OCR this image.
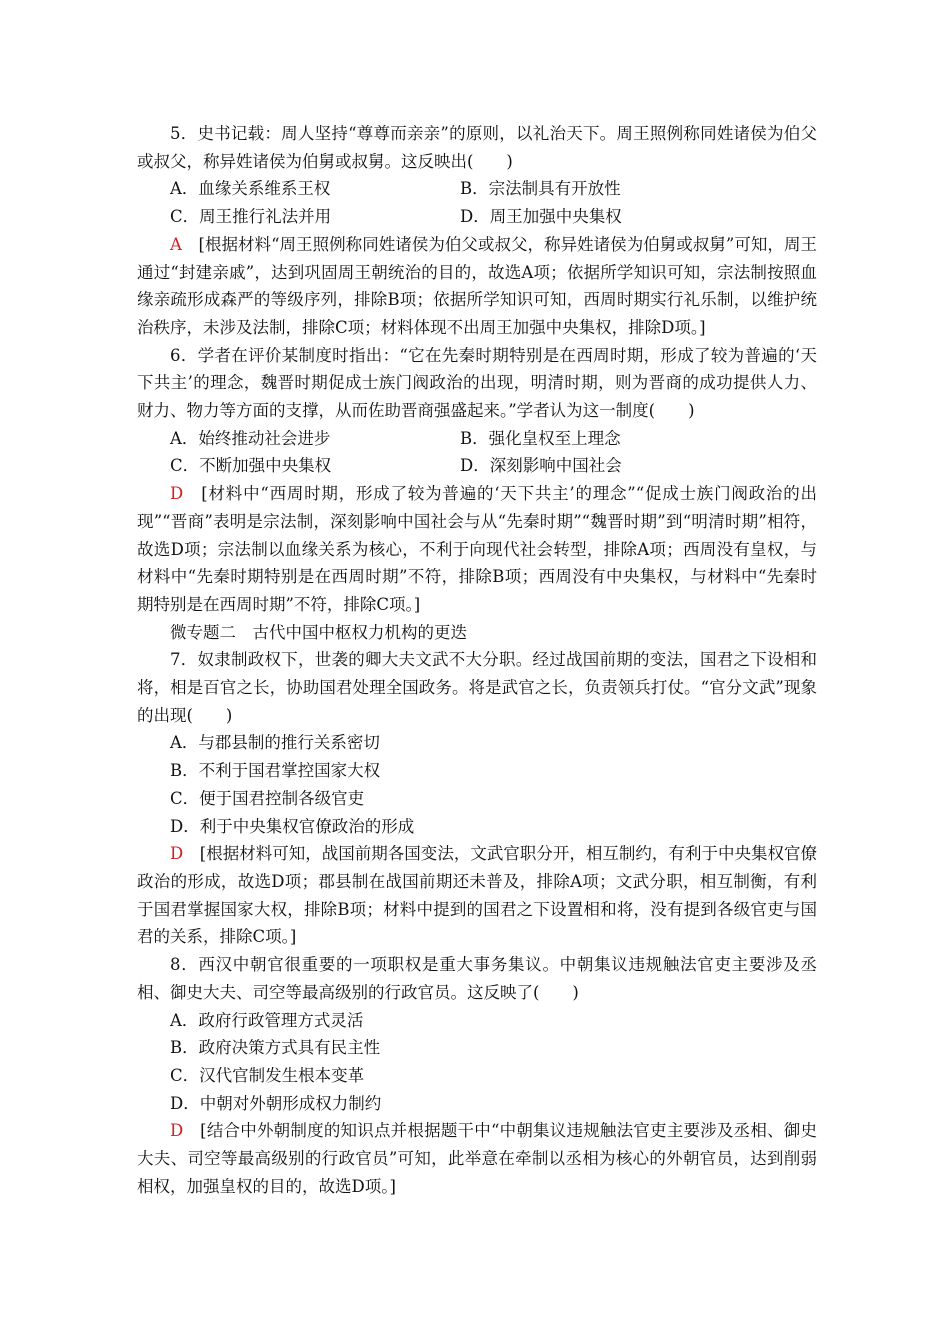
5．史书记载：周人坚持“尊尊而亲亲”的原则，以礼治天下。周王照例称同姓诸侯为伯父或叔父，称异姓诸侯为伯舅或叔舅。这反映出(　　)

A．血缘关系维系王权	B．宗法制具有开放性
C．周王推行礼法并用	D．周王加强中央集权

A　[根据材料“周王照例称同姓诸侯为伯父或叔父，称异姓诸侯为伯舅或叔舅”可知，周王通过“封建亲戚”，达到巩固周王朝统治的目的，故选A项；依据所学知识可知，宗法制按照血缘亲疏形成森严的等级序列，排除B项；依据所学知识可知，西周时期实行礼乐制，以维护统治秩序，未涉及法制，排除C项；材料体现不出周王加强中央集权，排除D项。]

6．学者在评价某制度时指出：“它在先秦时期特别是在西周时期，形成了较为普遍的‘天下共主’的理念，魏晋时期促成士族门阀政治的出现，明清时期，则为晋商的成功提供人力、财力、物力等方面的支撑，从而佐助晋商强盛起来。”学者认为这一制度(　　)

A．始终推动社会进步	B．强化皇权至上理念
C．不断加强中央集权	D．深刻影响中国社会

D　[材料中“西周时期，形成了较为普遍的‘天下共主’的理念”“促成士族门阀政治的出现”“晋商”表明是宗法制，深刻影响中国社会与从“先秦时期”“魏晋时期”到“明清时期”相符，故选D项；宗法制以血缘关系为核心，不利于向现代社会转型，排除A项；西周没有皇权，与材料中“先秦时期特别是在西周时期”不符，排除B项；西周没有中央集权，与材料中“先秦时期特别是在西周时期”不符，排除C项。]

微专题二　古代中国中枢权力机构的更迭

7．奴隶制政权下，世袭的卿大夫文武不大分职。经过战国前期的变法，国君之下设相和将，相是百官之长，协助国君处理全国政务。将是武官之长，负责领兵打仗。“官分文武”现象的出现(　　)

A．与郡县制的推行关系密切
B．不利于国君掌控国家大权
C．便于国君控制各级官吏
D．利于中央集权官僚政治的形成

D　[根据材料可知，战国前期各国变法，文武官职分开，相互制约，有利于中央集权官僚政治的形成，故选D项；郡县制在战国前期还未普及，排除A项；文武分职，相互制衡，有利于国君掌握国家大权，排除B项；材料中提到的国君之下设置相和将，没有提到各级官吏与国君的关系，排除C项。]

8．西汉中朝官很重要的一项职权是重大事务集议。中朝集议违规触法官吏主要涉及丞相、御史大夫、司空等最高级别的行政官员。这反映了(　　)

A．政府行政管理方式灵活
B．政府决策方式具有民主性
C．汉代官制发生根本变革
D．中朝对外朝形成权力制约

D　[结合中外朝制度的知识点并根据题干中“中朝集议违规触法官吏主要涉及丞相、御史大夫、司空等最高级别的行政官员”可知，此举意在牵制以丞相为核心的外朝官员，达到削弱相权，加强皇权的目的，故选D项。]
